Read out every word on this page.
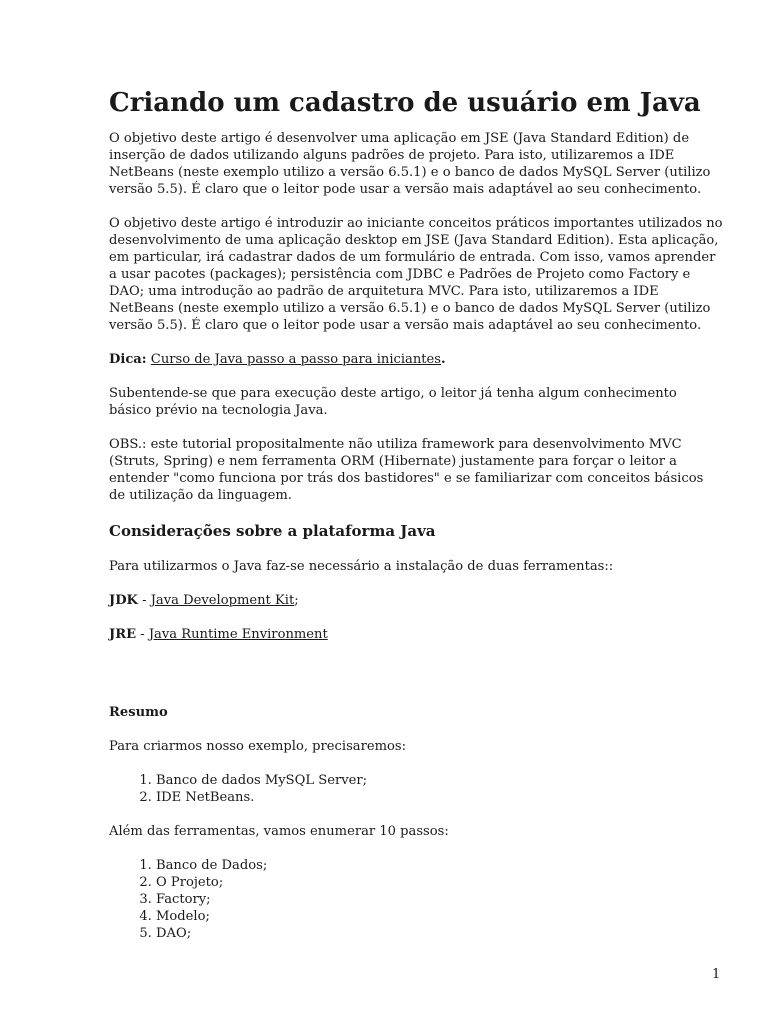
Criando um cadastro de usuário em Java

O objetivo deste artigo é desenvolver uma aplicação em JSE (Java Standard Edition) de inserção de dados utilizando alguns padrões de projeto. Para isto, utilizaremos a IDE NetBeans (neste exemplo utilizo a versão 6.5.1) e o banco de dados MySQL Server (utilizo versão 5.5). É claro que o leitor pode usar a versão mais adaptável ao seu conhecimento.

O objetivo deste artigo é introduzir ao iniciante conceitos práticos importantes utilizados no desenvolvimento de uma aplicação desktop em JSE (Java Standard Edition). Esta aplicação, em particular, irá cadastrar dados de um formulário de entrada. Com isso, vamos aprender a usar pacotes (packages); persistência com JDBC e Padrões de Projeto como Factory e DAO; uma introdução ao padrão de arquitetura MVC. Para isto, utilizaremos a IDE NetBeans (neste exemplo utilizo a versão 6.5.1) e o banco de dados MySQL Server (utilizo versão 5.5). É claro que o leitor pode usar a versão mais adaptável ao seu conhecimento.

Dica: Curso de Java passo a passo para iniciantes.

Subentende-se que para execução deste artigo, o leitor já tenha algum conhecimento básico prévio na tecnologia Java.

OBS.: este tutorial propositalmente não utiliza framework para desenvolvimento MVC (Struts, Spring) e nem ferramenta ORM (Hibernate) justamente para forçar o leitor a entender "como funciona por trás dos bastidores" e se familiarizar com conceitos básicos de utilização da linguagem.

Considerações sobre a plataforma Java

Para utilizarmos o Java faz-se necessário a instalação de duas ferramentas::

JDK - Java Development Kit;

JRE - Java Runtime Environment

Resumo

Para criarmos nosso exemplo, precisaremos:

1. Banco de dados MySQL Server;
2. IDE NetBeans.

Além das ferramentas, vamos enumerar 10 passos:

1. Banco de Dados;
2. O Projeto;
3. Factory;
4. Modelo;
5. DAO;
1
